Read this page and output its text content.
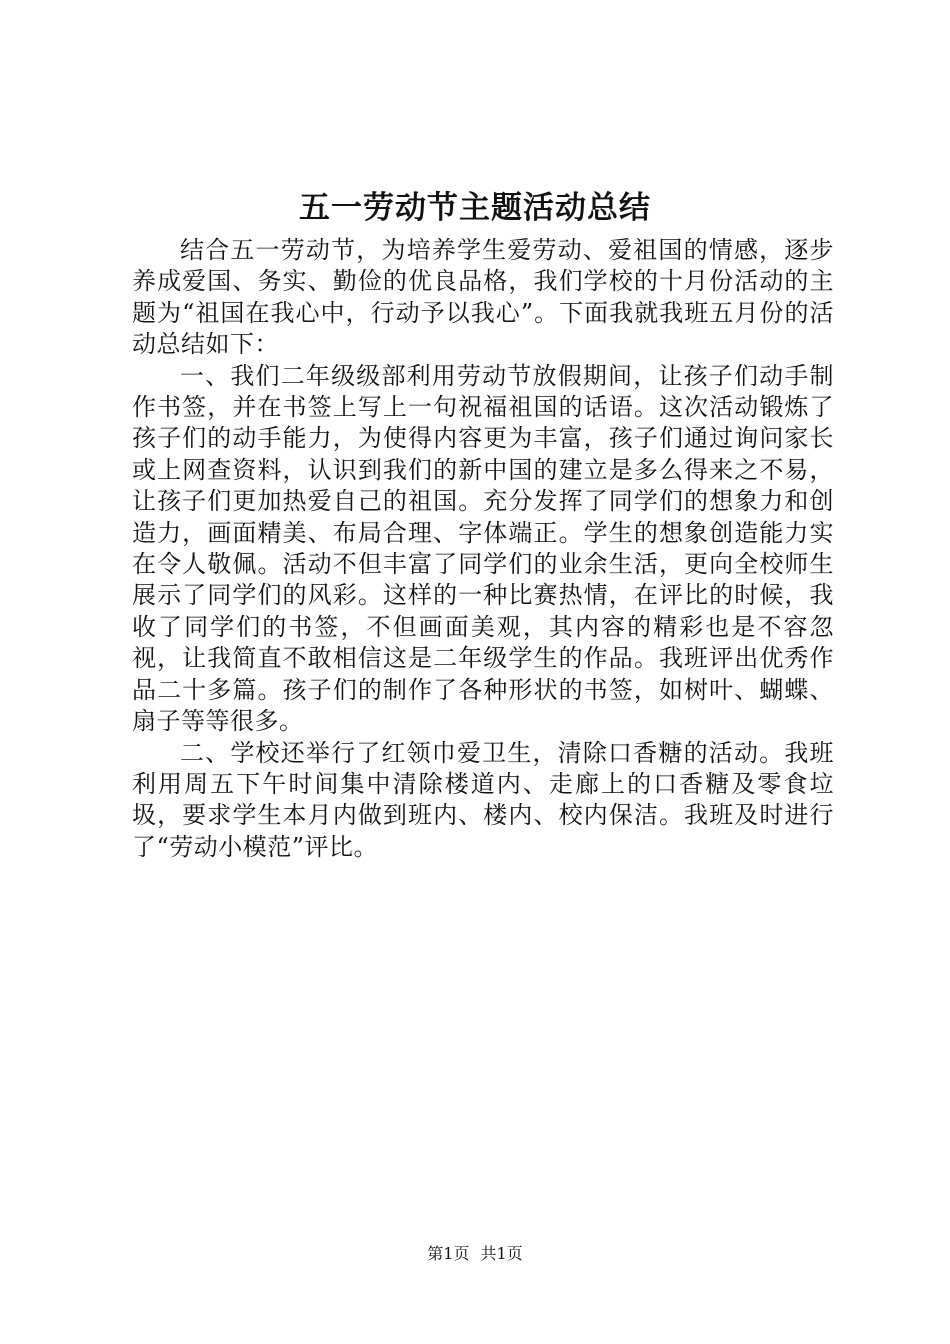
五一劳动节主题活动总结

结合五一劳动节，为培养学生爱劳动、爱祖国的情感，逐步养成爱国、务实、勤俭的优良品格，我们学校的十月份活动的主题为“祖国在我心中，行动予以我心”。下面我就我班五月份的活动总结如下：

一、我们二年级级部利用劳动节放假期间，让孩子们动手制作书签，并在书签上写上一句祝福祖国的话语。这次活动锻炼了孩子们的动手能力，为使得内容更为丰富，孩子们通过询问家长或上网查资料，认识到我们的新中国的建立是多么得来之不易，让孩子们更加热爱自己的祖国。充分发挥了同学们的想象力和创造力，画面精美、布局合理、字体端正。学生的想象创造能力实在令人敬佩。活动不但丰富了同学们的业余生活，更向全校师生展示了同学们的风彩。这样的一种比赛热情，在评比的时候，我收了同学们的书签，不但画面美观，其内容的精彩也是不容忽视，让我简直不敢相信这是二年级学生的作品。我班评出优秀作品二十多篇。孩子们的制作了各种形状的书签，如树叶、蝴蝶、扇子等等很多。

二、学校还举行了红领巾爱卫生，清除口香糖的活动。我班利用周五下午时间集中清除楼道内、走廊上的口香糖及零食垃圾，要求学生本月内做到班内、楼内、校内保洁。我班及时进行了“劳动小模范”评比。

第1页 共1页
